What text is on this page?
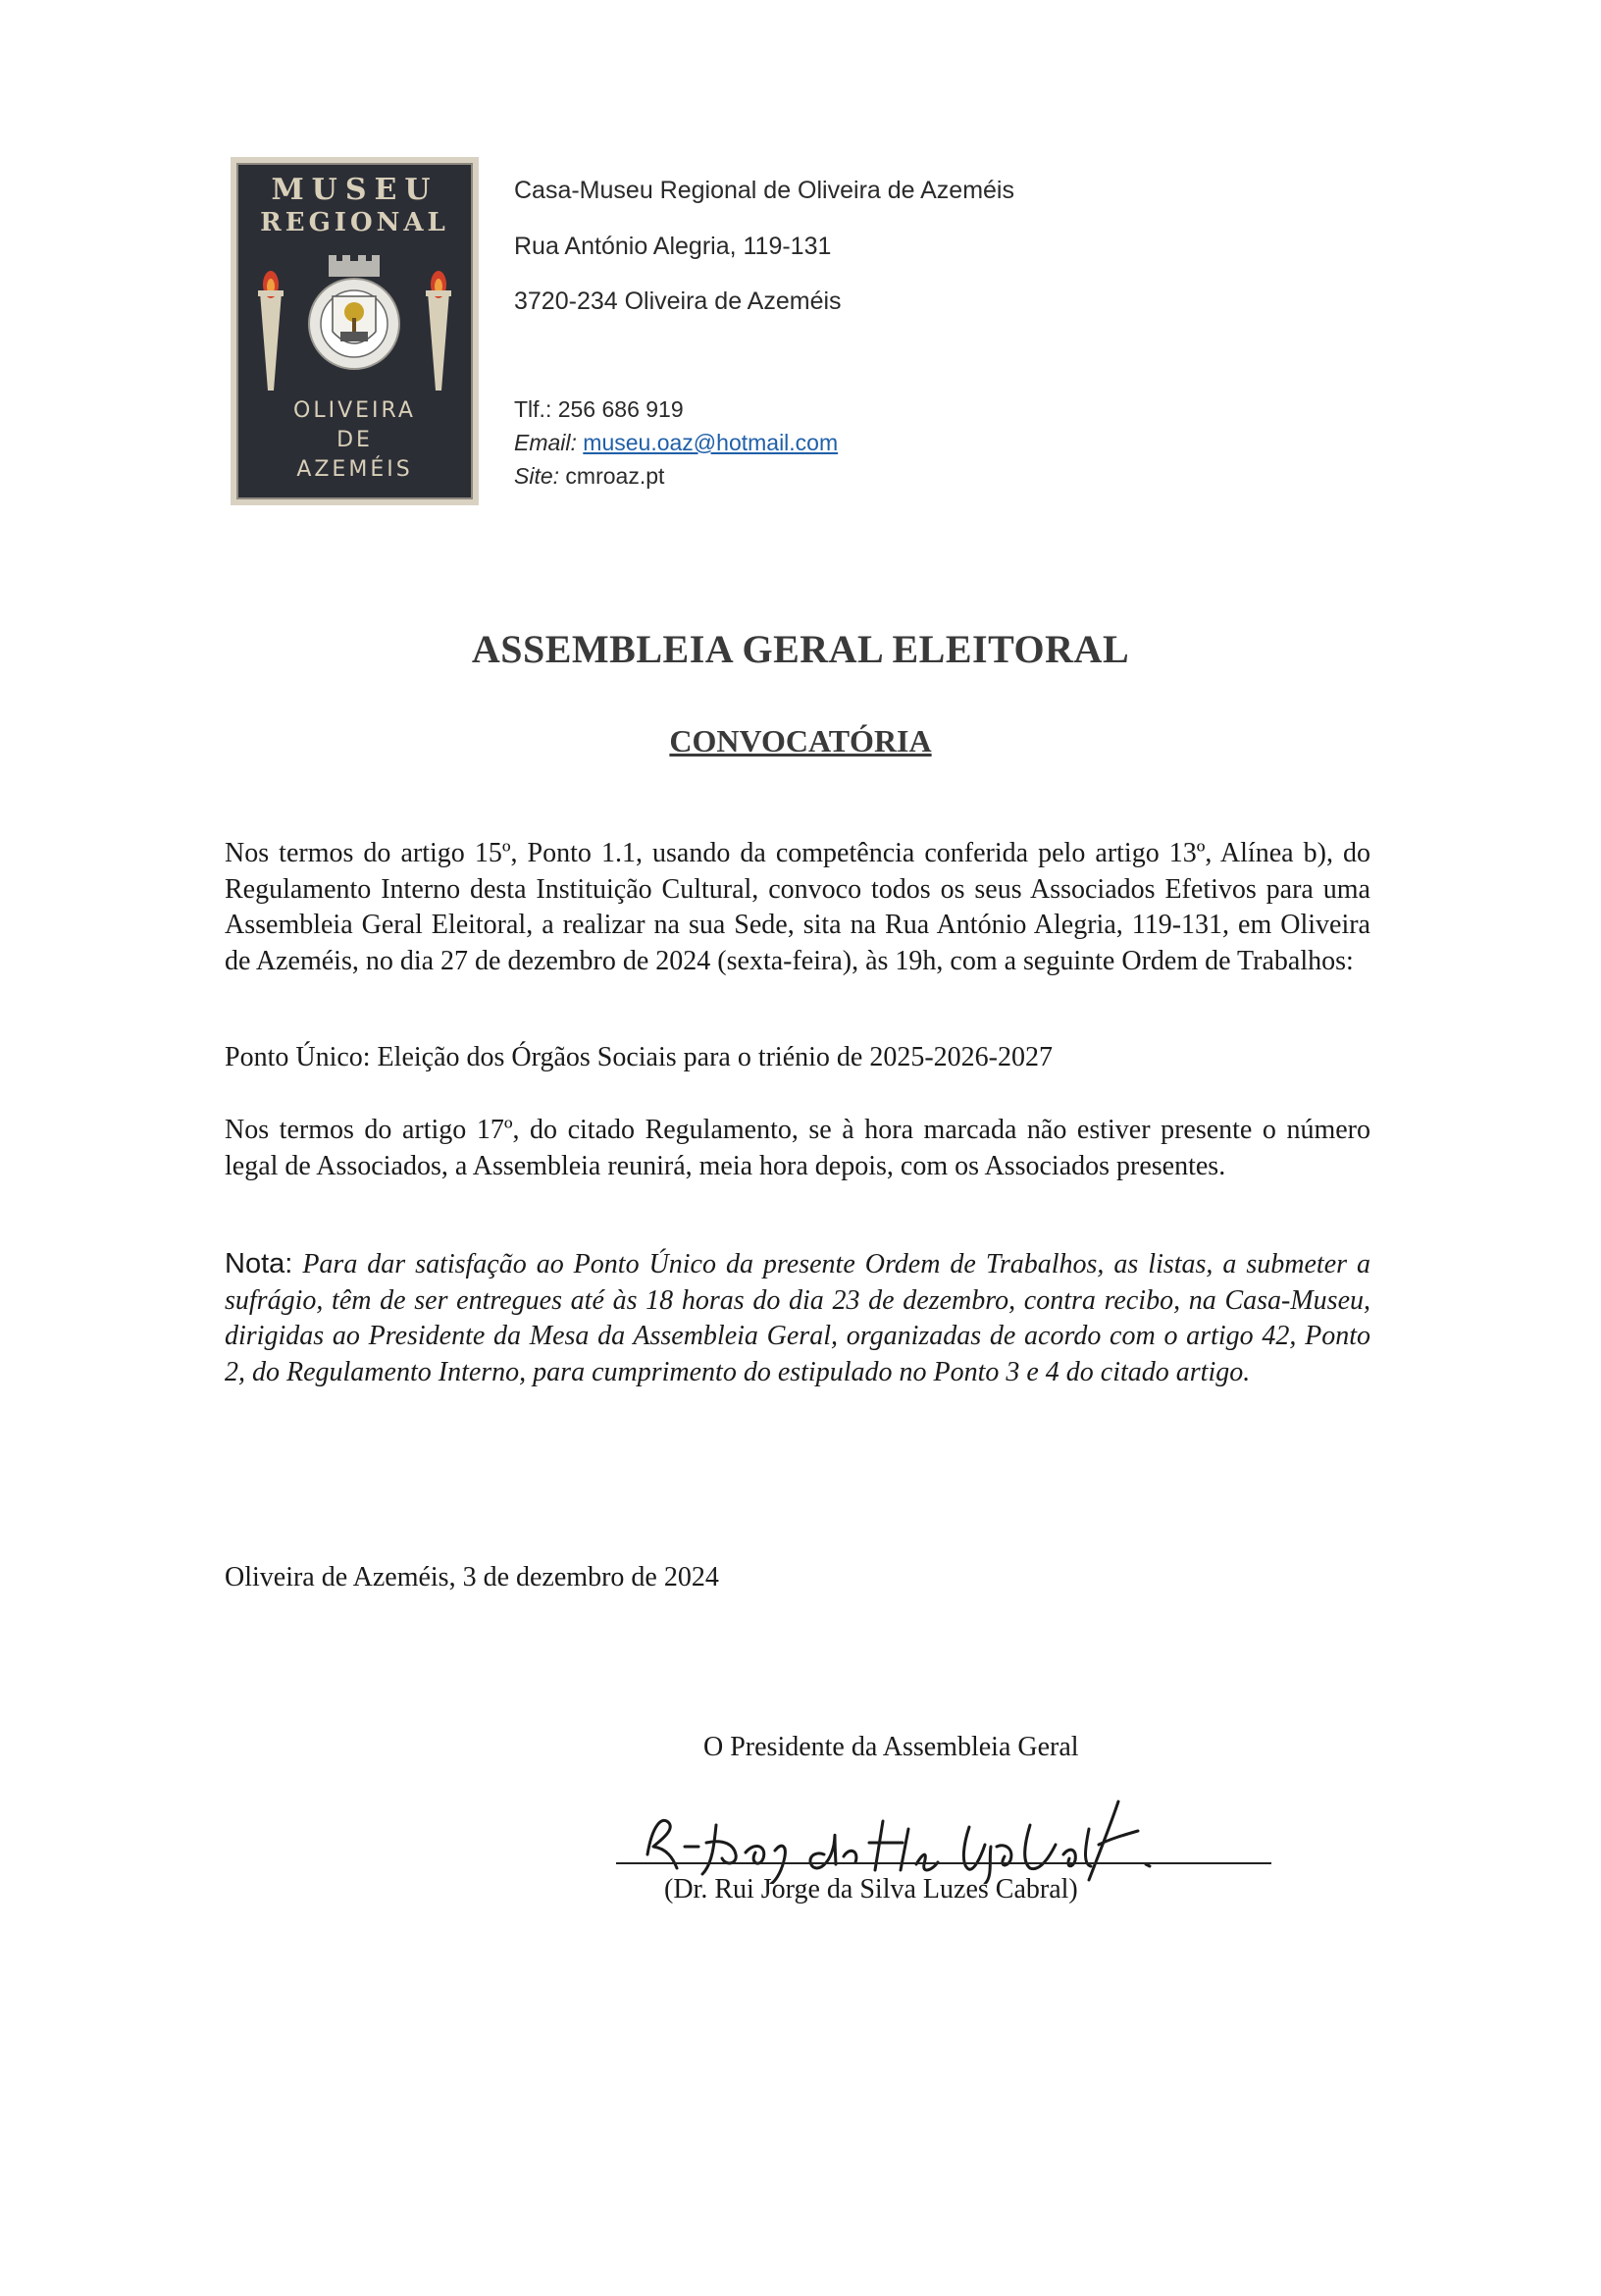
MUSEU
REGIONAL
OLIVEIRA
DE
AZEMÉIS
Casa-Museu Regional de Oliveira de Azeméis
Rua António Alegria, 119-131
3720-234 Oliveira de Azeméis
Tlf.: 256 686 919
Email: museu.oaz@hotmail.com
Site: cmroaz.pt
ASSEMBLEIA GERAL ELEITORAL
CONVOCATÓRIA
Nos termos do artigo 15º, Ponto 1.1, usando da competência conferida pelo artigo 13º, Alínea b), do Regulamento Interno desta Instituição Cultural, convoco todos os seus Associados Efetivos para uma Assembleia Geral Eleitoral, a realizar na sua Sede, sita na Rua António Alegria, 119-131, em Oliveira de Azeméis, no dia 27 de dezembro de 2024 (sexta-feira), às 19h, com a seguinte Ordem de Trabalhos:
Ponto Único: Eleição dos Órgãos Sociais para o triénio de 2025-2026-2027
Nos termos do artigo 17º, do citado Regulamento, se à hora marcada não estiver presente o número legal de Associados, a Assembleia reunirá, meia hora depois, com os Associados presentes.
Nota: Para dar satisfação ao Ponto Único da presente Ordem de Trabalhos, as listas, a submeter a sufrágio, têm de ser entregues até às 18 horas do dia 23 de dezembro, contra recibo, na Casa-Museu, dirigidas ao Presidente da Mesa da Assembleia Geral, organizadas de acordo com o artigo 42, Ponto 2, do Regulamento Interno, para cumprimento do estipulado no Ponto 3 e 4 do citado artigo.
Oliveira de Azeméis, 3 de dezembro de 2024
O Presidente da Assembleia Geral
(Dr. Rui Jorge da Silva Luzes Cabral)
